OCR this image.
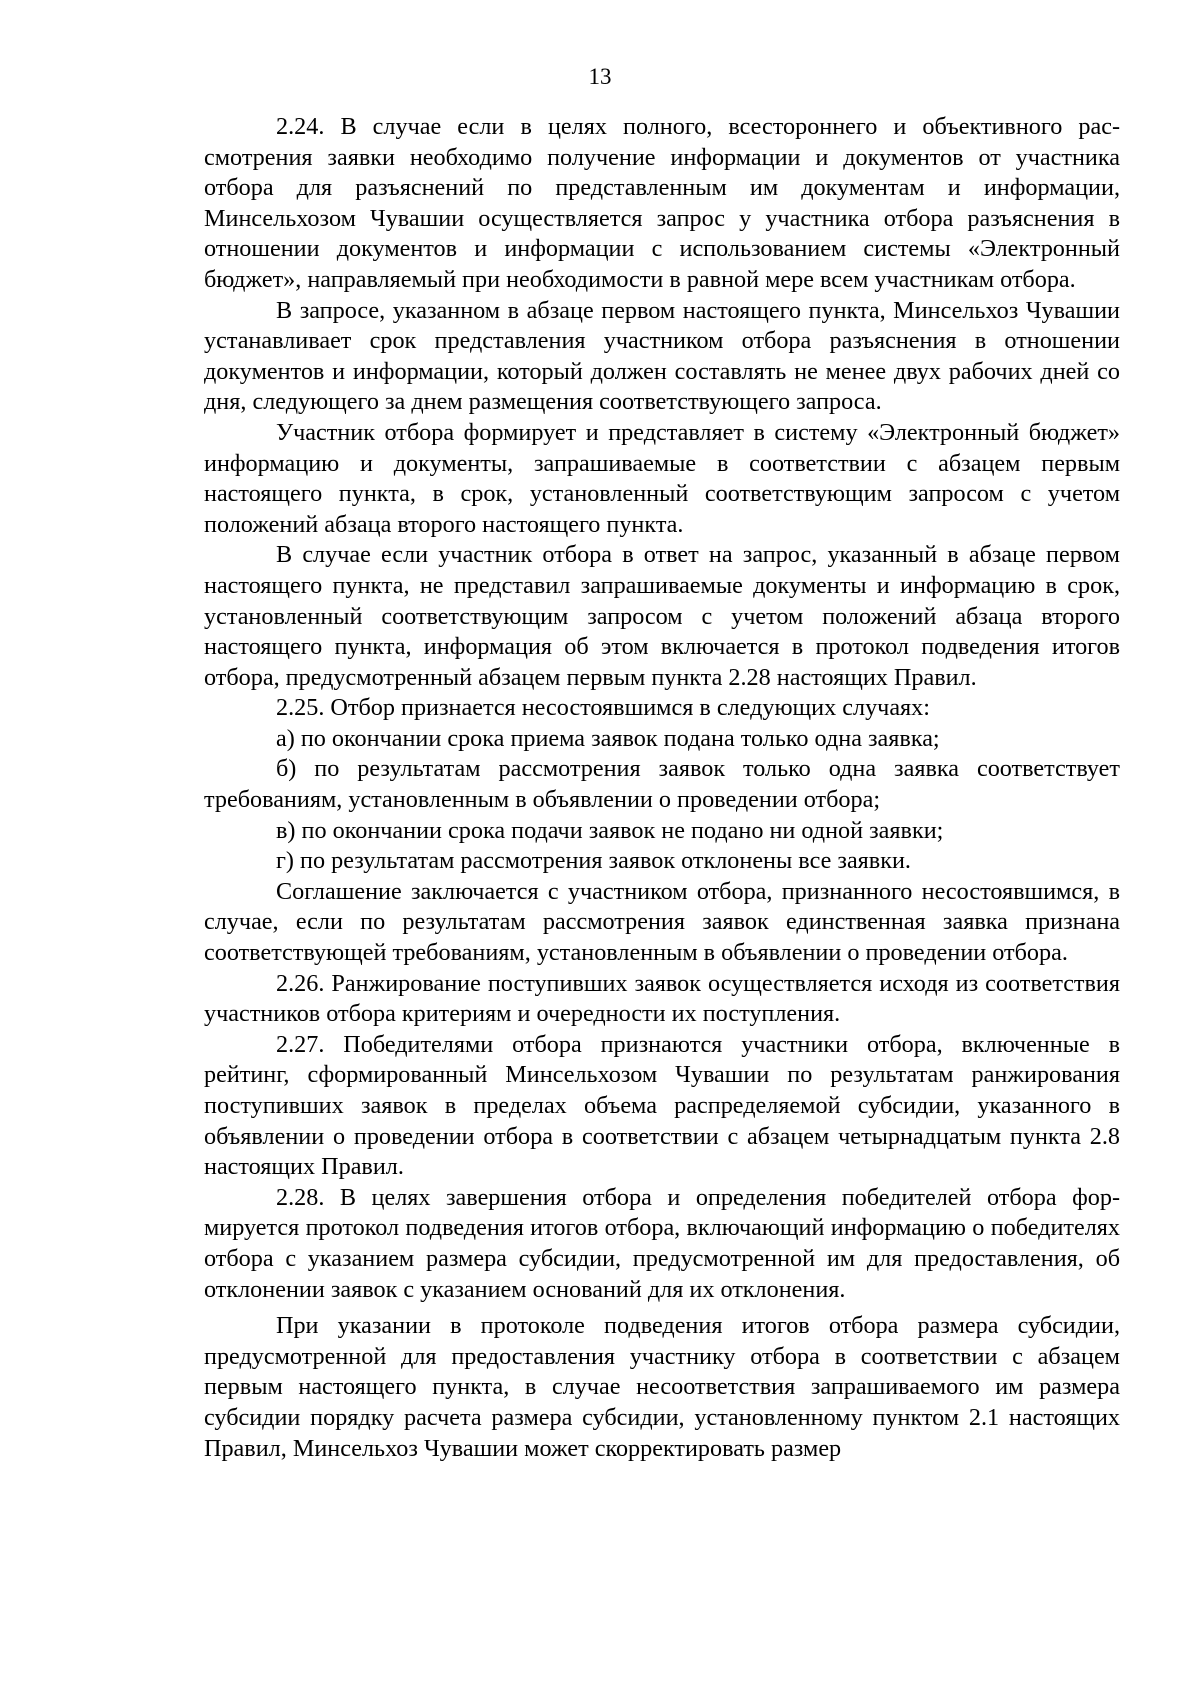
13

2.24. В случае если в целях полного, всестороннего и объективного рассмотрения заявки необходимо получение информации и документов от участника отбора для разъяснений по представленным им документам и информации, Минсельхозом Чувашии осуществляется запрос у участника отбора разъяснения в отношении документов и информации с использованием системы «Электронный бюджет», направляемый при необходимости в равной мере всем участникам отбора.

В запросе, указанном в абзаце первом настоящего пункта, Минсельхоз Чувашии устанавливает срок представления участником отбора разъяснения в отношении документов и информации, который должен составлять не менее двух рабочих дней со дня, следующего за днем размещения соответствующего запроса.

Участник отбора формирует и представляет в систему «Электронный бюджет» информацию и документы, запрашиваемые в соответствии с абзацем первым настоящего пункта, в срок, установленный соответствующим запросом с учетом положений абзаца второго настоящего пункта.

В случае если участник отбора в ответ на запрос, указанный в абзаце первом настоящего пункта, не представил запрашиваемые документы и информацию в срок, установленный соответствующим запросом с учетом положений абзаца второго настоящего пункта, информация об этом включается в протокол подведения итогов отбора, предусмотренный абзацем первым пункта 2.28 настоящих Правил.

2.25. Отбор признается несостоявшимся в следующих случаях:

а) по окончании срока приема заявок подана только одна заявка;

б) по результатам рассмотрения заявок только одна заявка соответствует требованиям, установленным в объявлении о проведении отбора;

в) по окончании срока подачи заявок не подано ни одной заявки;

г) по результатам рассмотрения заявок отклонены все заявки.

Соглашение заключается с участником отбора, признанного несостоявшимся, в случае, если по результатам рассмотрения заявок единственная заявка признана соответствующей требованиям, установленным в объявлении о проведении отбора.

2.26. Ранжирование поступивших заявок осуществляется исходя из соответствия участников отбора критериям и очередности их поступления.

2.27. Победителями отбора признаются участники отбора, включенные в рейтинг, сформированный Минсельхозом Чувашии по результатам ранжирования поступивших заявок в пределах объема распределяемой субсидии, указанного в объявлении о проведении отбора в соответствии с абзацем четырнадцатым пункта 2.8 настоящих Правил.

2.28. В целях завершения отбора и определения победителей отбора формируется протокол подведения итогов отбора, включающий информацию о победителях отбора с указанием размера субсидии, предусмотренной им для предоставления, об отклонении заявок с указанием оснований для их отклонения.

При указании в протоколе подведения итогов отбора размера субсидии, предусмотренной для предоставления участнику отбора в соответствии с абзацем первым настоящего пункта, в случае несоответствия запрашиваемого им размера субсидии порядку расчета размера субсидии, установленному пунктом 2.1 настоящих Правил, Минсельхоз Чувашии может скорректировать размер
